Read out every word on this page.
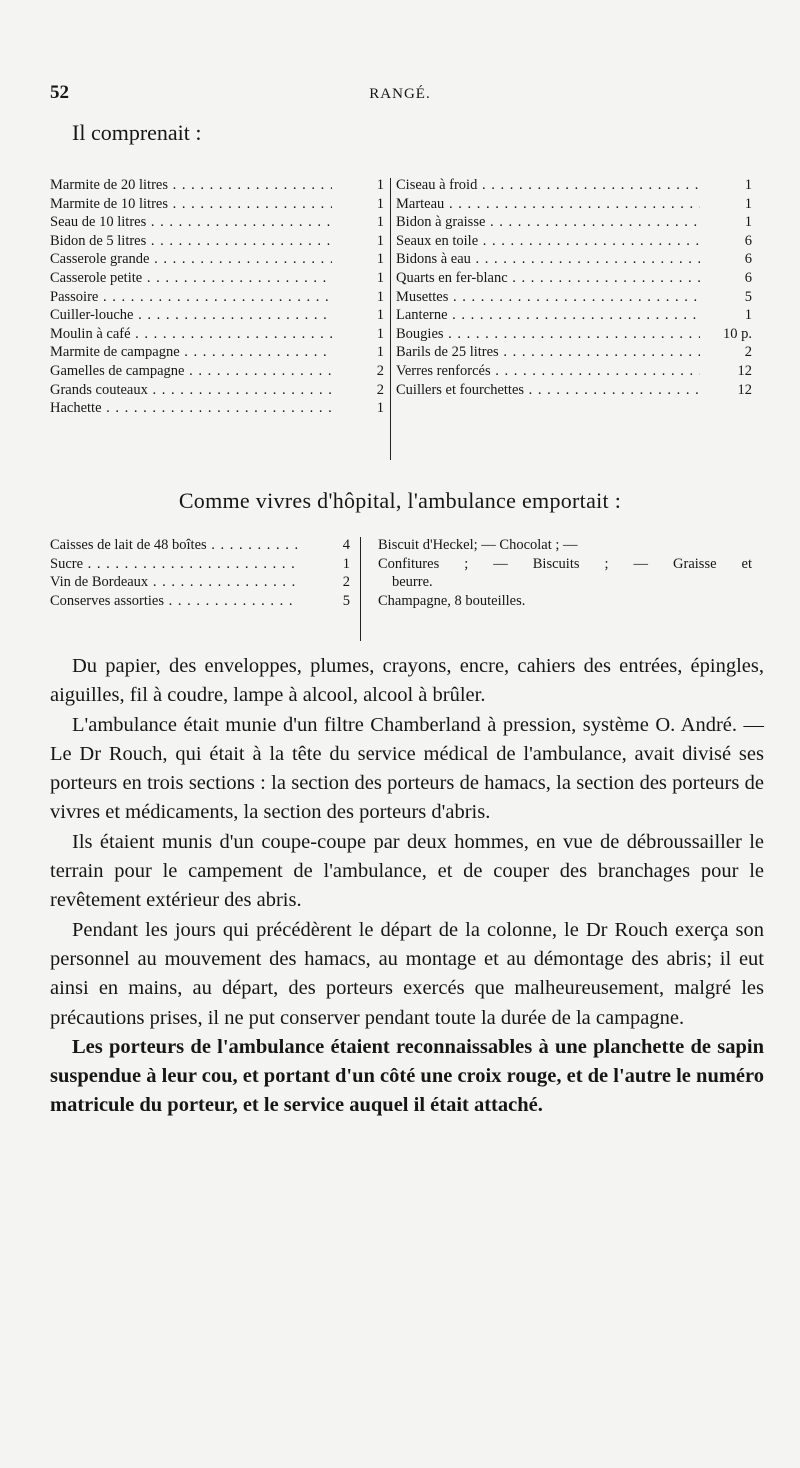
52	RANGÉ.
Il comprenait :
Marmite de 20 litres . . .	1
Marmite de 10 litres . . .	1
Seau de 10 litres . . .	1
Bidon de 5 litres . . .	1
Casserole grande . . .	1
Casserole petite . . .	1
Passoire . . .	1
Cuiller-louche . . .	1
Moulin à café . . .	1
Marmite de campagne . . .	1
Gamelles de campagne . . .	2
Grands couteaux . . .	2
Hachette . . .	1
Ciseau à froid . . .	1
Marteau . . .	1
Bidon à graisse . . .	1
Seaux en toile . . .	6
Bidons à eau . . .	6
Quarts en fer-blanc . . .	6
Musettes . . .	5
Lanterne . . .	1
Bougies . . .	10 p.
Barils de 25 litres . . .	2
Verres renforcés . . .	12
Cuillers et fourchettes . . .	12
Comme vivres d'hôpital, l'ambulance emportait :
Caisses de lait de 48 boîtes . . .	4
Sucre . . .	1
Vin de Bordeaux . . .	2
Conserves assorties . . .	5
Biscuit d'Heckel; — Chocolat ; —
Confitures ; — Biscuits ; — Graisse et
beurre.
Champagne, 8 bouteilles.

Du papier, des enveloppes, plumes, crayons, encre, cahiers des entrées, épingles, aiguilles, fil à coudre, lampe à alcool, alcool à brûler.

L'ambulance était munie d'un filtre Chamberland à pression, système O. André. — Le Dr Rouch, qui était à la tête du service médical de l'ambulance, avait divisé ses porteurs en trois sections : la section des porteurs de hamacs, la section des porteurs de vivres et médicaments, la section des porteurs d'abris.

Ils étaient munis d'un coupe-coupe par deux hommes, en vue de débroussailler le terrain pour le campement de l'ambulance, et de couper des branchages pour le revêtement extérieur des abris.

Pendant les jours qui précédèrent le départ de la colonne, le Dr Rouch exerça son personnel au mouvement des hamacs, au montage et au démontage des abris; il eut ainsi en mains, au départ, des porteurs exercés que malheureusement, malgré les précautions prises, il ne put conserver pendant toute la durée de la campagne.

Les porteurs de l'ambulance étaient reconnaissables à une planchette de sapin suspendue à leur cou, et portant d'un côté une croix rouge, et de l'autre le numéro matricule du porteur, et le service auquel il était attaché.
